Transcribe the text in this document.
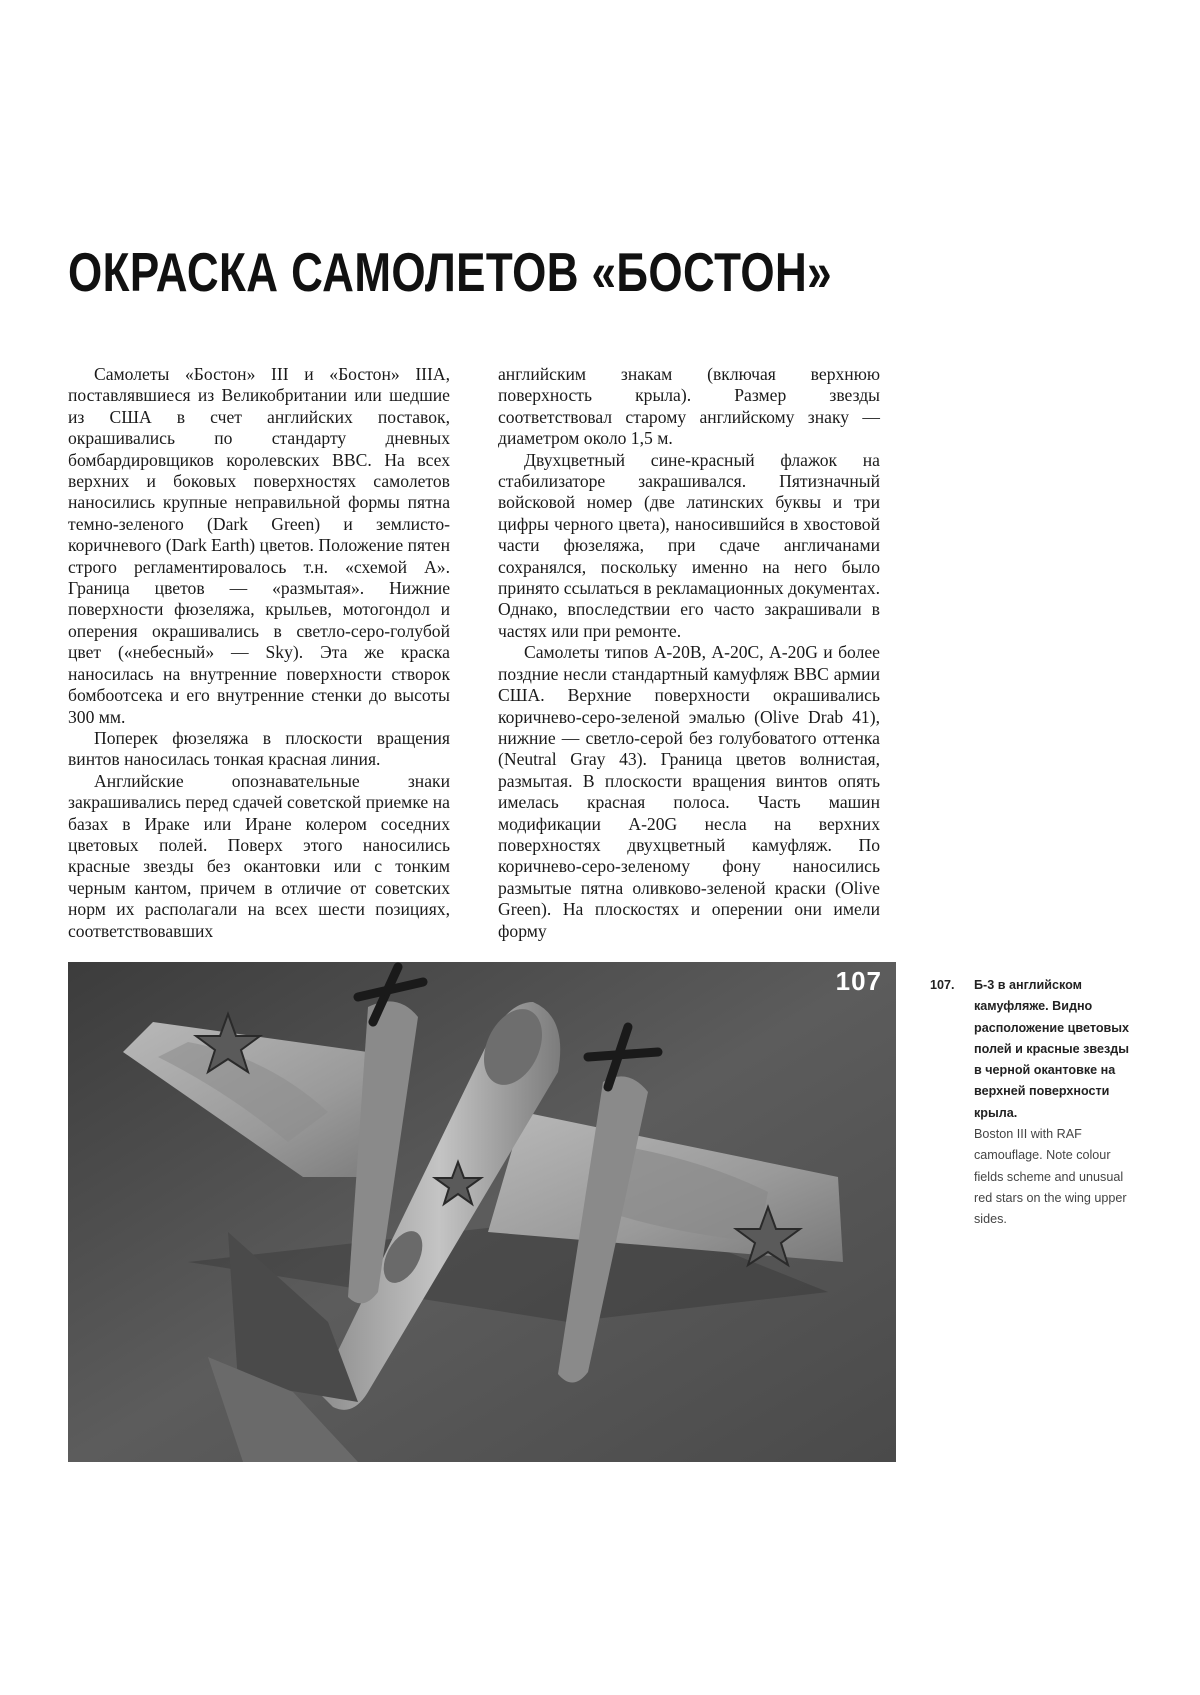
ОКРАСКА САМОЛЕТОВ «БОСТОН»

Самолеты «Бостон» III и «Бостон» IIIA, поставлявшиеся из Великобритании или шедшие из США в счет английских поставок, окрашивались по стандарту дневных бомбардировщиков королевских ВВС. На всех верхних и боковых поверхностях самолетов наносились крупные неправильной формы пятна темно-зеленого (Dark Green) и землисто-коричневого (Dark Earth) цветов. Положение пятен строго регламентировалось т.н. «схемой А». Граница цветов — «размытая». Нижние поверхности фюзеляжа, крыльев, мотогондол и оперения окрашивались в светло-серо-голубой цвет («небесный» — Sky). Эта же краска наносилась на внутренние поверхности створок бомбоотсека и его внутренние стенки до высоты 300 мм.

Поперек фюзеляжа в плоскости вращения винтов наносилась тонкая красная линия.

Английские опознавательные знаки закрашивались перед сдачей советской приемке на базах в Ираке или Иране колером соседних цветовых полей. Поверх этого наносились красные звезды без окантовки или с тонким черным кантом, причем в отличие от советских норм их располагали на всех шести позициях, соответствовавших

английским знакам (включая верхнюю поверхность крыла). Размер звезды соответствовал старому английскому знаку — диаметром около 1,5 м.

Двухцветный сине-красный флажок на стабилизаторе закрашивался. Пятизначный войсковой номер (две латинских буквы и три цифры черного цвета), наносившийся в хвостовой части фюзеляжа, при сдаче англичанами сохранялся, поскольку именно на него было принято ссылаться в рекламационных документах. Однако, впоследствии его часто закрашивали в частях или при ремонте.

Самолеты типов А-20В, А-20С, А-20G и более поздние несли стандартный камуфляж ВВС армии США. Верхние поверхности окрашивались коричнево-серо-зеленой эмалью (Olive Drab 41), нижние — светло-серой без голубоватого оттенка (Neutral Gray 43). Граница цветов волнистая, размытая. В плоскости вращения винтов опять имелась красная полоса. Часть машин модификации А-20G несла на верхних поверхностях двухцветный камуфляж. По коричнево-серо-зеленому фону наносились размытые пятна оливково-зеленой краски (Olive Green). На плоскостях и оперении они имели форму

107	107. Б-3 в английском камуфляже. Видно расположение цветовых полей и красные звезды в черной окантовке на верхней поверхности крыла.
Boston III with RAF camouflage. Note colour fields scheme and unusual red stars on the wing upper sides.
